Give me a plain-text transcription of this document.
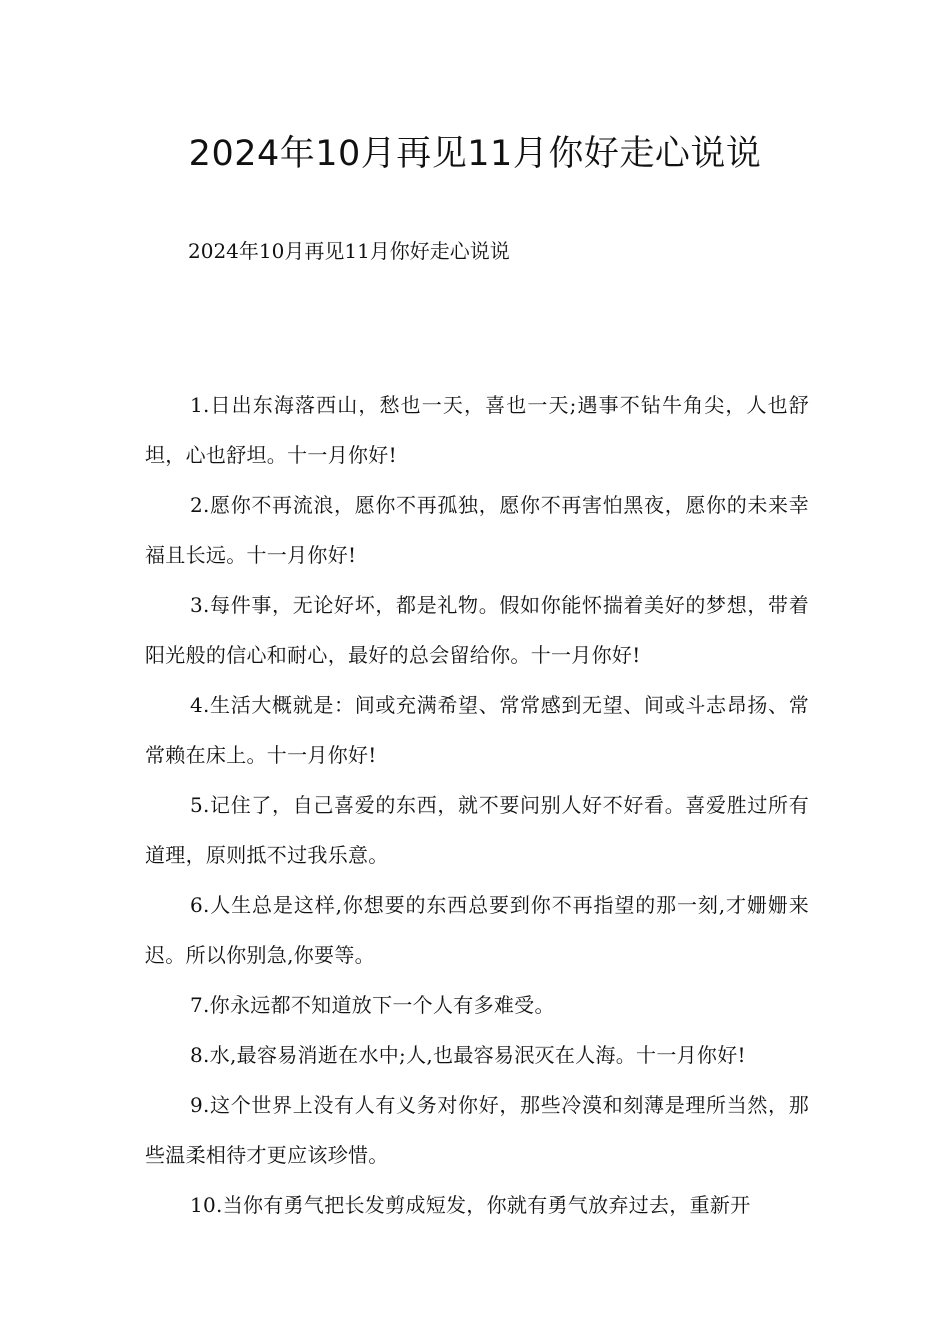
2024年10月再见11月你好走心说说

2024年10月再见11月你好走心说说

1.日出东海落西山，愁也一天，喜也一天;遇事不钻牛角尖，人也舒坦，心也舒坦。十一月你好!
2.愿你不再流浪，愿你不再孤独，愿你不再害怕黑夜，愿你的未来幸福且长远。十一月你好!
3.每件事，无论好坏，都是礼物。假如你能怀揣着美好的梦想，带着阳光般的信心和耐心，最好的总会留给你。十一月你好!
4.生活大概就是：间或充满希望、常常感到无望、间或斗志昂扬、常常赖在床上。十一月你好!
5.记住了，自己喜爱的东西，就不要问别人好不好看。喜爱胜过所有道理，原则抵不过我乐意。
6.人生总是这样,你想要的东西总要到你不再指望的那一刻,才姗姗来迟。所以你别急,你要等。
7.你永远都不知道放下一个人有多难受。
8.水,最容易消逝在水中;人,也最容易泯灭在人海。十一月你好!
9.这个世界上没有人有义务对你好，那些冷漠和刻薄是理所当然，那些温柔相待才更应该珍惜。
10.当你有勇气把长发剪成短发，你就有勇气放弃过去，重新开
